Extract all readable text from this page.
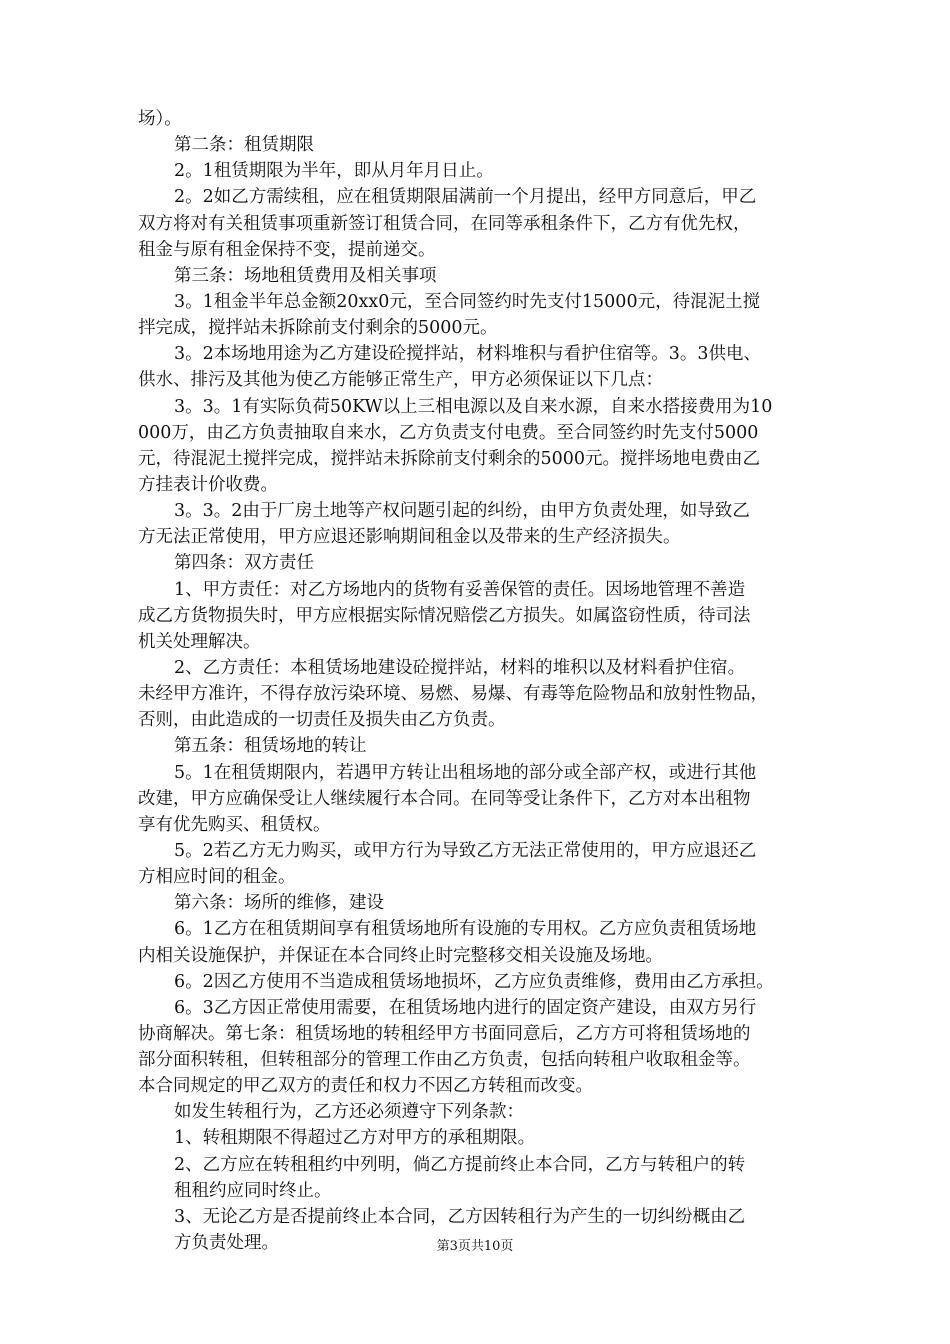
场）。
第二条：租赁期限
2。1租赁期限为半年，即从月年月日止。
2。2如乙方需续租，应在租赁期限届满前一个月提出，经甲方同意后，甲乙
双方将对有关租赁事项重新签订租赁合同，在同等承租条件下，乙方有优先权，
租金与原有租金保持不变，提前递交。
第三条：场地租赁费用及相关事项
3。1租金半年总金额20xx0元，至合同签约时先支付15000元，待混泥土搅
拌完成，搅拌站未拆除前支付剩余的5000元。
3。2本场地用途为乙方建设砼搅拌站，材料堆积与看护住宿等。3。3供电、
供水、排污及其他为使乙方能够正常生产，甲方必须保证以下几点：
3。3。1有实际负荷50KW以上三相电源以及自来水源，自来水搭接费用为10
000万，由乙方负责抽取自来水，乙方负责支付电费。至合同签约时先支付5000
元，待混泥土搅拌完成，搅拌站未拆除前支付剩余的5000元。搅拌场地电费由乙
方挂表计价收费。
3。3。2由于厂房土地等产权问题引起的纠纷，由甲方负责处理，如导致乙
方无法正常使用，甲方应退还影响期间租金以及带来的生产经济损失。
第四条：双方责任
1、甲方责任：对乙方场地内的货物有妥善保管的责任。因场地管理不善造
成乙方货物损失时，甲方应根据实际情况赔偿乙方损失。如属盗窃性质，待司法
机关处理解决。
2、乙方责任：本租赁场地建设砼搅拌站，材料的堆积以及材料看护住宿。
未经甲方准许，不得存放污染环境、易燃、易爆、有毒等危险物品和放射性物品，
否则，由此造成的一切责任及损失由乙方负责。
第五条：租赁场地的转让
5。1在租赁期限内，若遇甲方转让出租场地的部分或全部产权，或进行其他
改建，甲方应确保受让人继续履行本合同。在同等受让条件下，乙方对本出租物
享有优先购买、租赁权。
5。2若乙方无力购买，或甲方行为导致乙方无法正常使用的，甲方应退还乙
方相应时间的租金。
第六条：场所的维修，建设
6。1乙方在租赁期间享有租赁场地所有设施的专用权。乙方应负责租赁场地
内相关设施保护，并保证在本合同终止时完整移交相关设施及场地。
6。2因乙方使用不当造成租赁场地损坏，乙方应负责维修，费用由乙方承担。
6。3乙方因正常使用需要，在租赁场地内进行的固定资产建设，由双方另行
协商解决。第七条：租赁场地的转租经甲方书面同意后，乙方方可将租赁场地的
部分面积转租，但转租部分的管理工作由乙方负责，包括向转租户收取租金等。
本合同规定的甲乙双方的责任和权力不因乙方转租而改变。
如发生转租行为，乙方还必须遵守下列条款：
1、转租期限不得超过乙方对甲方的承租期限。
2、乙方应在转租租约中列明，倘乙方提前终止本合同，乙方与转租户的转
租租约应同时终止。
3、无论乙方是否提前终止本合同，乙方因转租行为产生的一切纠纷概由乙
方负责处理。	第3页共10页
